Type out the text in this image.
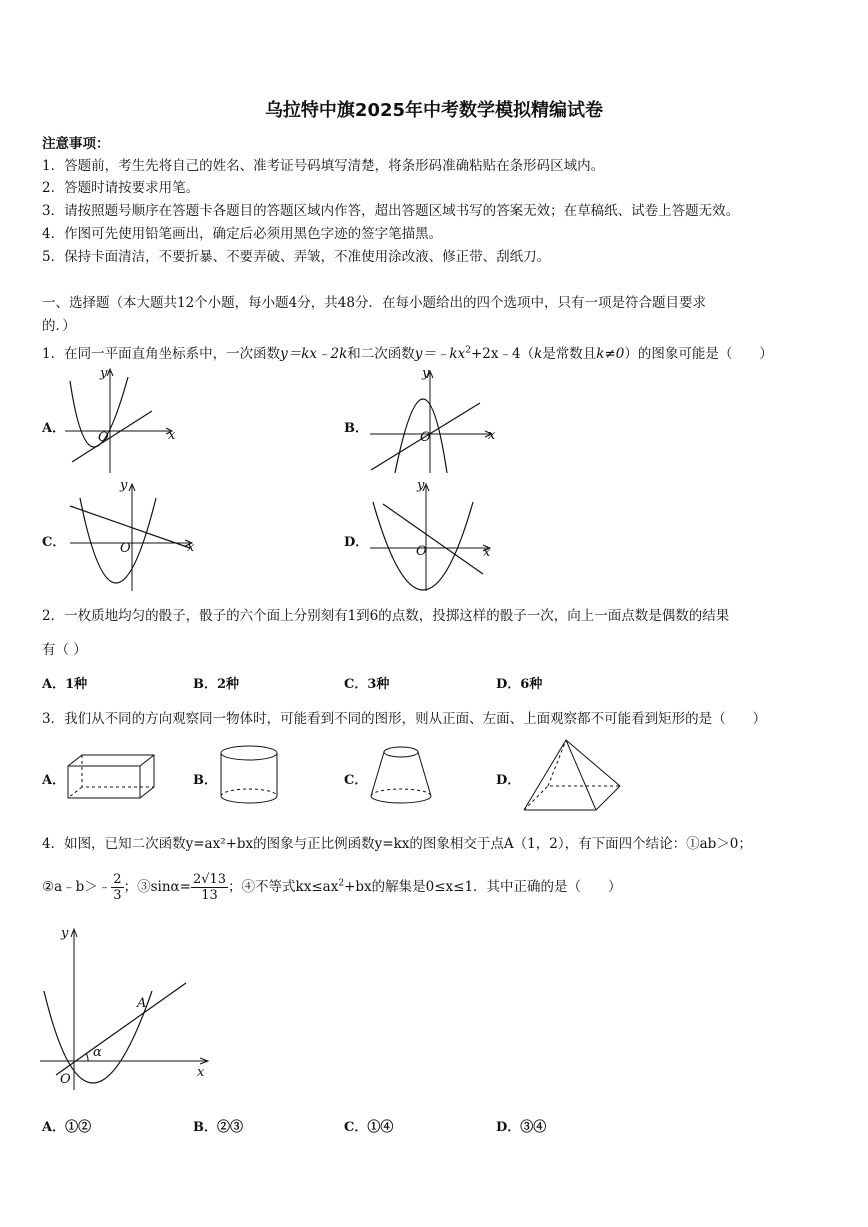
乌拉特中旗2025年中考数学模拟精编试卷
注意事项：
1．答题前，考生先将自己的姓名、准考证号码填写清楚，将条形码准确粘贴在条形码区域内。
2．答题时请按要求用笔。
3．请按照题号顺序在答题卡各题目的答题区域内作答，超出答题区域书写的答案无效；在草稿纸、试卷上答题无效。
4．作图可先使用铅笔画出，确定后必须用黑色字迹的签字笔描黑。
5．保持卡面清洁，不要折暴、不要弄破、弄皱，不准使用涂改液、修正带、刮纸刀。
一、选择题（本大题共12个小题，每小题4分，共48分．在每小题给出的四个选项中，只有一项是符合题目要求
的．）
1．在同一平面直角坐标系中，一次函数y＝kx﹣2k和二次函数$y=﹣kx^2+2x﹣4(k$是常数且k≠0）的图象可能是（　　）
A．
y
x
O
B．
y
x
O
C．
y
x
O	D．
y
x
O
2．一枚质地均匀的骰子，骰子的六个面上分别刻有1到6的点数，投掷这样的骰子一次，向上一面点数是偶数的结果
有（ ）
A．1种	B．2种	C．3种	D．6种
3．我们从不同的方向观察同一物体时，可能看到不同的图形，则从正面、左面、上面观察都不可能看到矩形的是（　　）
A．	B．	C．	D．
4．如图，已知二次函数y=ax²+bx的图象与正比例函数y=kx的图象相交于点A（1，2），有下面四个结论：①ab＞0；
②a﹣b＞﹣ $\frac{2}{3}$ ；③sinα= $\frac{2√13}{13}$ ；④不等式$kx\le ax^2+bx$的解集是0≤x≤1．其中正确的是（　　）
y
x
O
A
α
A．①②	B．②③	C．①④	D．③④
